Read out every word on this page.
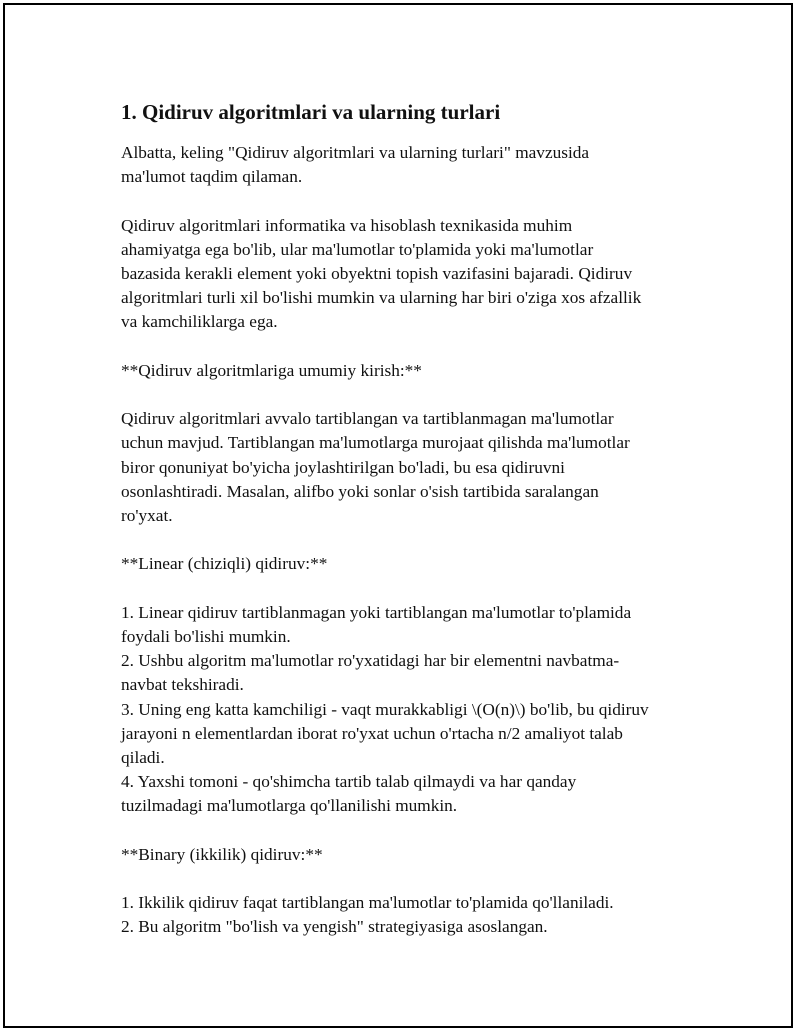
1. Qidiruv algoritmlari va ularning turlari

Albatta, keling "Qidiruv algoritmlari va ularning turlari" mavzusida
ma'lumot taqdim qilaman.

Qidiruv algoritmlari informatika va hisoblash texnikasida muhim
ahamiyatga ega bo'lib, ular ma'lumotlar to'plamida yoki ma'lumotlar
bazasida kerakli element yoki obyektni topish vazifasini bajaradi. Qidiruv
algoritmlari turli xil bo'lishi mumkin va ularning har biri o'ziga xos afzallik
va kamchiliklarga ega.

**Qidiruv algoritmlariga umumiy kirish:**

Qidiruv algoritmlari avvalo tartiblangan va tartiblanmagan ma'lumotlar
uchun mavjud. Tartiblangan ma'lumotlarga murojaat qilishda ma'lumotlar
biror qonuniyat bo'yicha joylashtirilgan bo'ladi, bu esa qidiruvni
osonlashtiradi. Masalan, alifbo yoki sonlar o'sish tartibida saralangan
ro'yxat.

**Linear (chiziqli) qidiruv:**

1. Linear qidiruv tartiblanmagan yoki tartiblangan ma'lumotlar to'plamida
foydali bo'lishi mumkin.
2. Ushbu algoritm ma'lumotlar ro'yxatidagi har bir elementni navbatma-
navbat tekshiradi.
3. Uning eng katta kamchiligi - vaqt murakkabligi \(O(n)\) bo'lib, bu qidiruv
jarayoni n elementlardan iborat ro'yxat uchun o'rtacha n/2 amaliyot talab
qiladi.
4. Yaxshi tomoni - qo'shimcha tartib talab qilmaydi va har qanday
tuzilmadagi ma'lumotlarga qo'llanilishi mumkin.

**Binary (ikkilik) qidiruv:**

1. Ikkilik qidiruv faqat tartiblangan ma'lumotlar to'plamida qo'llaniladi.
2. Bu algoritm "bo'lish va yengish" strategiyasiga asoslangan.
